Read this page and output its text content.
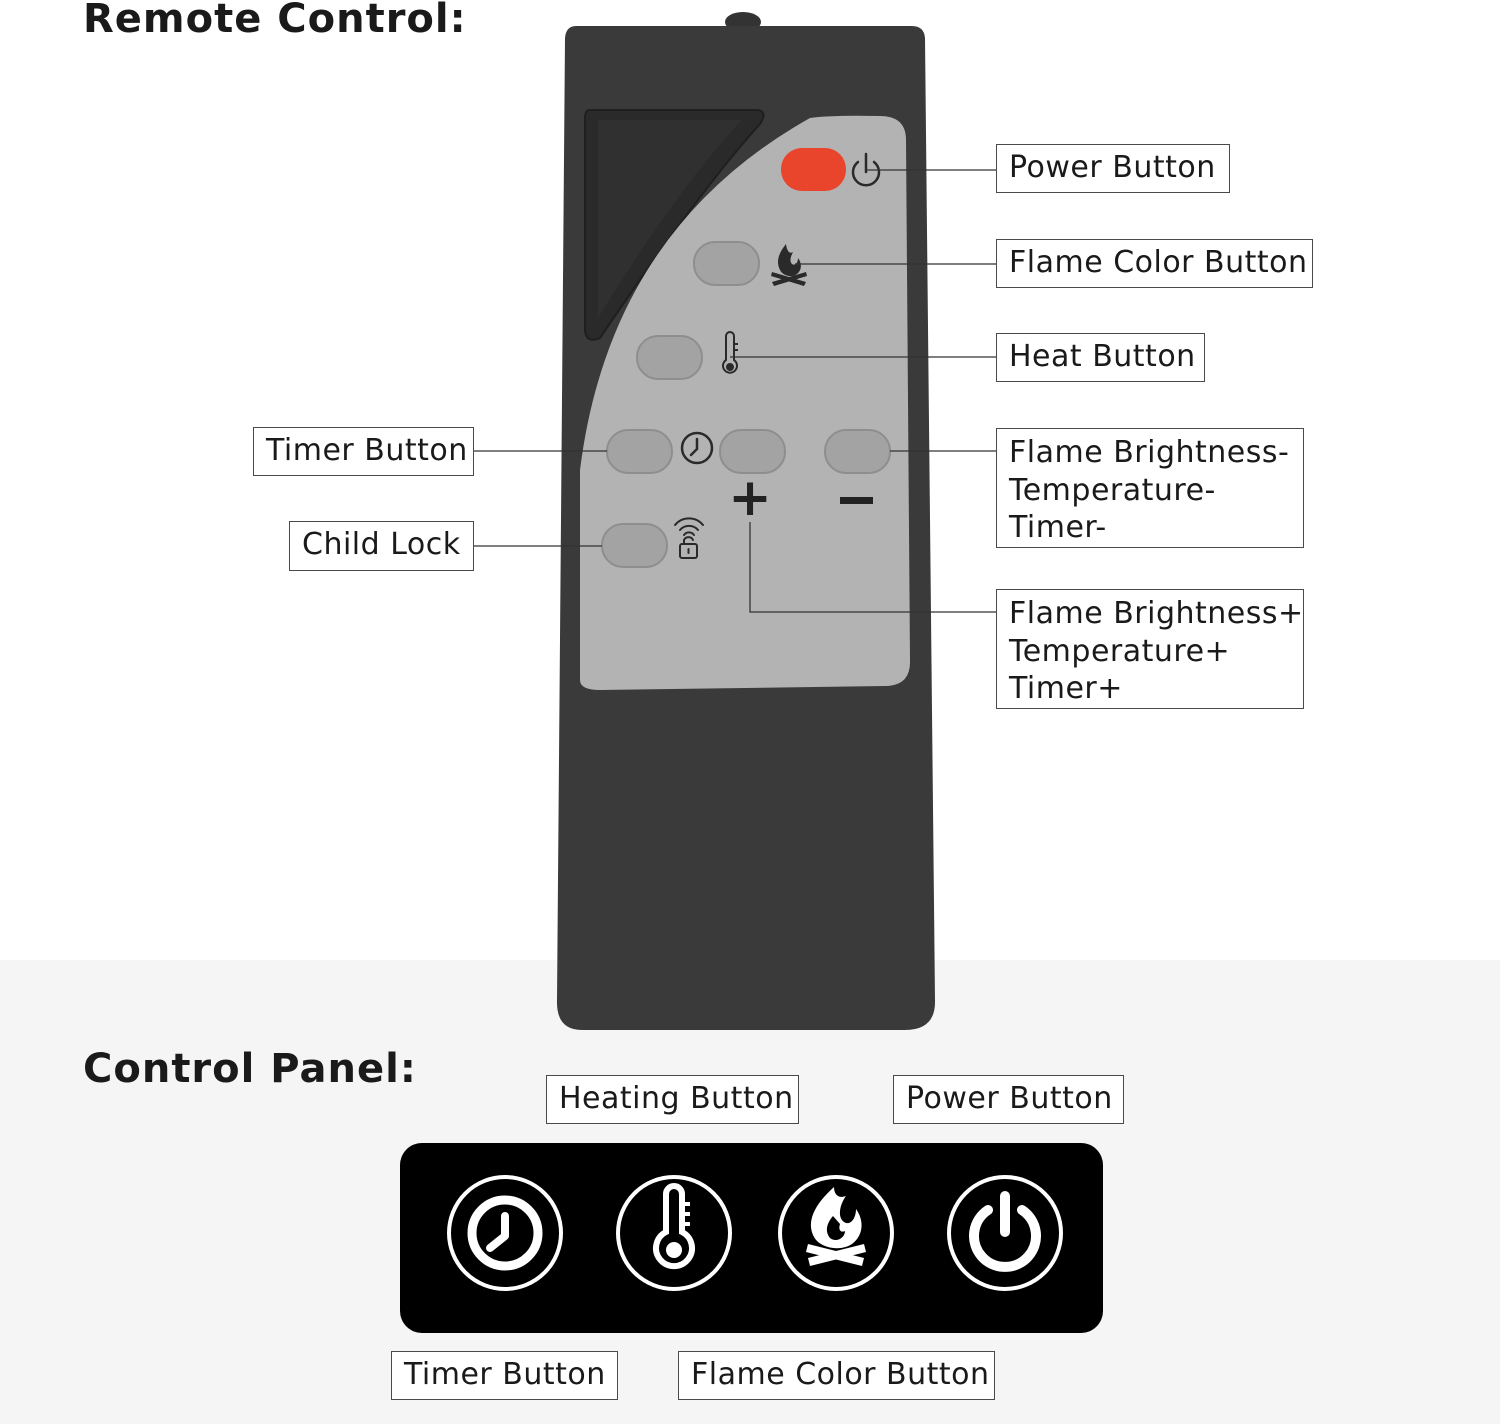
Remote Control:
Control Panel:
+
Power Button
Flame Color Button
Heat Button
Timer Button
Child Lock
Flame Brightness-
Temperature-
Timer-
Flame Brightness+
Temperature+
Timer+
Heating Button	Power Button
Timer Button	Flame Color Button
